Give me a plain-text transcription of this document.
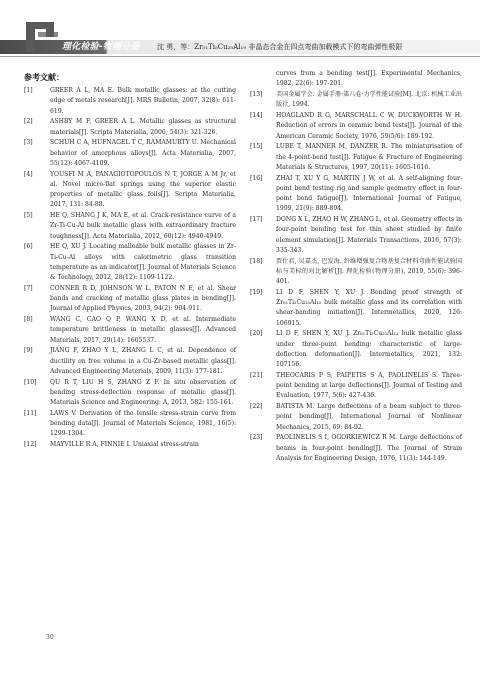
理化检验-物理分册 沈 勇，等：Zr₅₁Ti₅Cu₂₅Al₁₉ 非晶态合金在四点弯曲加载模式下的弯曲弹性极限
参考文献：
[1]	GREER A L, MA E. Bulk metallic glasses: at the cutting edge of metals research[J]. MRS Bulletin, 2007, 32(8): 611-619.
[2]	ASHBY M F, GREER A L. Metallic glasses as structural materials[J]. Scripta Materialia, 2006, 54(3): 321-326.
[3]	SCHUH C A, HUFNAGEL T C, RAMAMURTY U. Mechanical behavior of amorphous alloys[J]. Acta Materialia, 2007, 55(12): 4067-4109.
[4]	YOUSFI M A, PANAGIOTOPOULOS N T, JORGE A M Jr, et al. Novel micro-flat springs using the superior elastic properties of metallic glass foils[J]. Scripta Materialia, 2017, 131: 84-88.
[5]	HE Q, SHANG J K, MA E, et al. Crack-resistance curve of a Zr-Ti-Cu-Al bulk metallic glass with extraordinary fracture toughness[J]. Acta Materialia, 2012, 60(12): 4940-4949.
[6]	HE Q, XU J. Locating malleable bulk metallic glasses in Zr-Ti-Cu-Al alloys with calorimetric glass transition temperature as an indicator[J]. Journal of Materials Science & Technology, 2012, 28(12): 1109-1122.
[7]	CONNER R D, JOHNSON W L, PATON N E, et al. Shear bands and cracking of metallic glass plates in bending[J]. Journal of Applied Physics, 2003, 94(2): 904-911.
[8]	WANG C, CAO Q P, WANG X D, et al. Intermediate temperature brittleness in metallic glasses[J]. Advanced Materials, 2017, 29(14): 1605537.
[9]	JIANG F, ZHAO Y L, ZHANG L C, et al. Dependence of ductility on free volume in a Cu-Zr-based metallic glass[J]. Advanced Engineering Materials, 2009, 11(3): 177-181.
[10]	QU R T, LIU H S, ZHANG Z F. In situ observation of bending stress-deflection response of metallic glass[J]. Materials Science and Engineering: A, 2013, 582: 155-161.
[11]	LAWS V. Derivation of the tensile stress-strain curve from bending data[J]. Journal of Materials Science, 1981, 16(5): 1299-1304.
[12]	MAYVILLE R A, FINNIE I. Uniaxial stress-strain
curves from a bending test[J]. Experimental Mechanics, 1982, 22(6): 197-201.
[13]	美国金属学会. 金属手册·第八卷·力学性能试验[M]. 北京: 机械工业出版社, 1994.
[14]	HOAGLAND R G, MARSCHALL C W, DUCKWORTH W H. Reduction of errors in ceramic bend tests[J]. Journal of the American Ceramic Society, 1976, 59(5/6): 189-192.
[15]	LUBE T, MANNER M, DANZER R. The miniaturisation of the 4-point-bend test[J]. Fatigue & Fracture of Engineering Materials & Structures, 1997, 20(11): 1605-1616.
[16]	ZHAI T, XU Y G, MARTIN J W, et al. A self-aligning four-point bend testing rig and sample geometry effect in four-point bend fatigue[J]. International Journal of Fatigue, 1999, 21(9): 889-894.
[17]	DONG X L, ZHAO H W, ZHANG L, et al. Geometry effects in four-point bending test for thin sheet studied by finite element simulation[J]. Materials Transactions, 2016, 57(3): 335-343.
[18]	贾仕君, 吴嘉杰, 巴发海. 纤维增强复合物基复合材料弯曲性能试验国标与美标的对比解析[J]. 理化检验(物理分册), 2019, 55(6): 396-401.
[19]	LI D F, SHEN Y, XU J. Bending proof strength of Zr₆₁Ti₂Cu₂₅Al₁₂ bulk metallic glass and its correlation with shear-banding initiation[J]. Intermetallics, 2020, 126: 106915.
[20]	LI D F, SHEN Y, XU J. Zr₆₁Ti₂Cu₂₅Al₁₂ bulk metallic glass under three-point bending: characteristic of large-deflection deformation[J]. Intermetallics, 2021, 132: 107156.
[21]	THEOCARIS P S, PAIPETIS S A, PAOLINELIS S. Three-point bending at large deflections[J]. Journal of Testing and Evaluation, 1977, 5(6): 427-436.
[22]	BATISTA M. Large deflections of a beam subject to three-point bending[J]. International Journal of Nonlinear Mechanics, 2015, 69: 84-92.
[23]	PAOLINELIS S I, OGORKIEWICZ R M. Large deflections of beams in four-point bending[J]. The Journal of Strain Analysis for Engineering Design, 1976, 11(3): 144-149.
30
